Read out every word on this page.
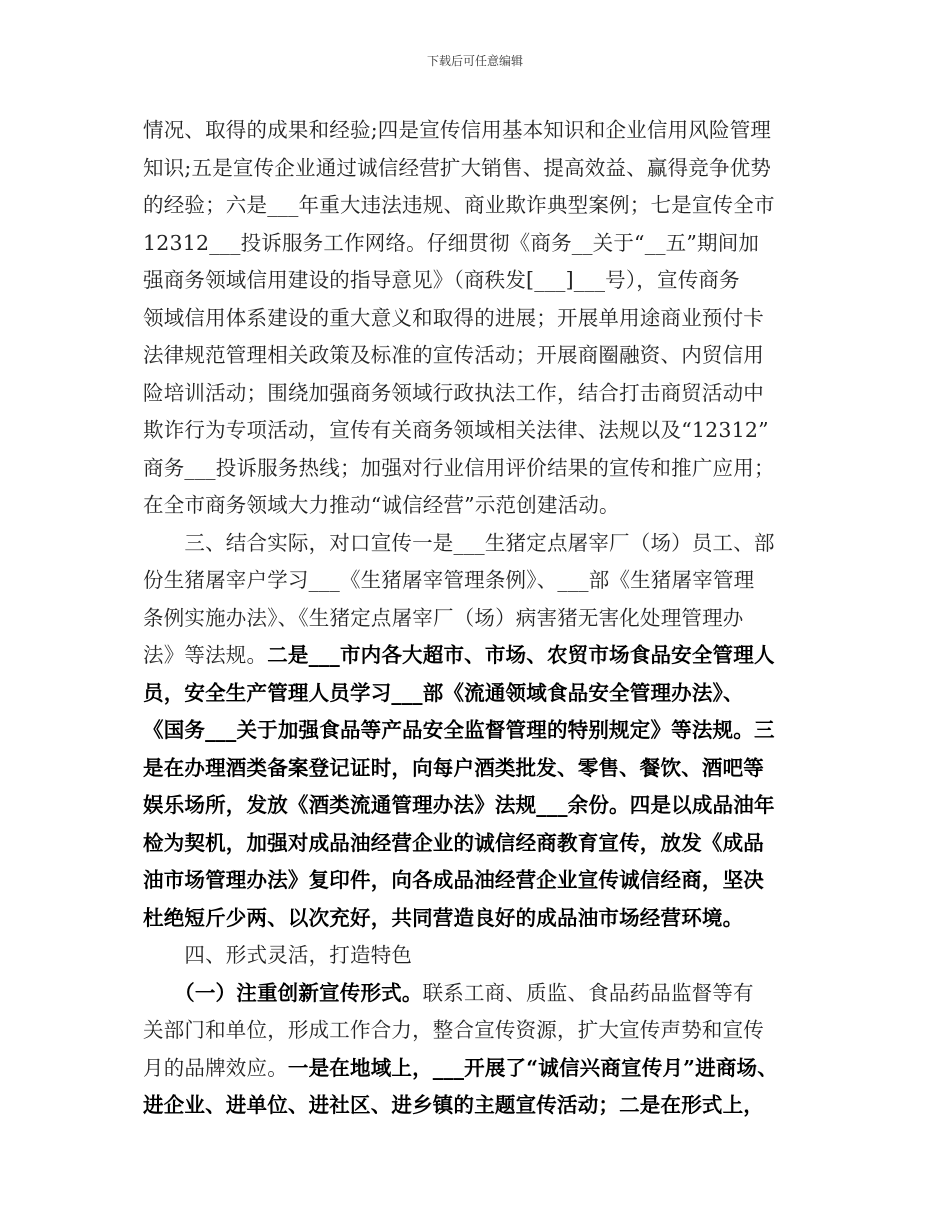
下载后可任意编辑
情况、取得的成果和经验;四是宣传信用基本知识和企业信用风险管理
知识;五是宣传企业通过诚信经营扩大销售、提高效益、赢得竞争优势
的经验；六是___年重大违法违规、商业欺诈典型案例；七是宣传全市
12312___投诉服务工作网络。仔细贯彻《商务__关于“__五”期间加
强商务领域信用建设的指导意见》（商秩发[___]___号），宣传商务
领域信用体系建设的重大意义和取得的进展；开展单用途商业预付卡
法律规范管理相关政策及标准的宣传活动；开展商圈融资、内贸信用
险培训活动；围绕加强商务领域行政执法工作，结合打击商贸活动中
欺诈行为专项活动，宣传有关商务领域相关法律、法规以及“12312”
商务___投诉服务热线；加强对行业信用评价结果的宣传和推广应用；
在全市商务领域大力推动“诚信经营”示范创建活动。
　　三、结合实际，对口宣传一是___生猪定点屠宰厂（场）员工、部
份生猪屠宰户学习___《生猪屠宰管理条例》、___部《生猪屠宰管理
条例实施办法》、《生猪定点屠宰厂（场）病害猪无害化处理管理办
法》等法规。二是___市内各大超市、市场、农贸市场食品安全管理人
员，安全生产管理人员学习___部《流通领域食品安全管理办法》、
《国务___关于加强食品等产品安全监督管理的特别规定》等法规。三
是在办理酒类备案登记证时，向每户酒类批发、零售、餐饮、酒吧等
娱乐场所，发放《酒类流通管理办法》法规___余份。四是以成品油年
检为契机，加强对成品油经营企业的诚信经商教育宣传，放发《成品
油市场管理办法》复印件，向各成品油经营企业宣传诚信经商，坚决
杜绝短斤少两、以次充好，共同营造良好的成品油市场经营环境。
　　四、形式灵活，打造特色
　　（一）注重创新宣传形式。联系工商、质监、食品药品监督等有
关部门和单位，形成工作合力，整合宣传资源，扩大宣传声势和宣传
月的品牌效应。一是在地域上，___开展了“诚信兴商宣传月”进商场、
进企业、进单位、进社区、进乡镇的主题宣传活动；二是在形式上，
